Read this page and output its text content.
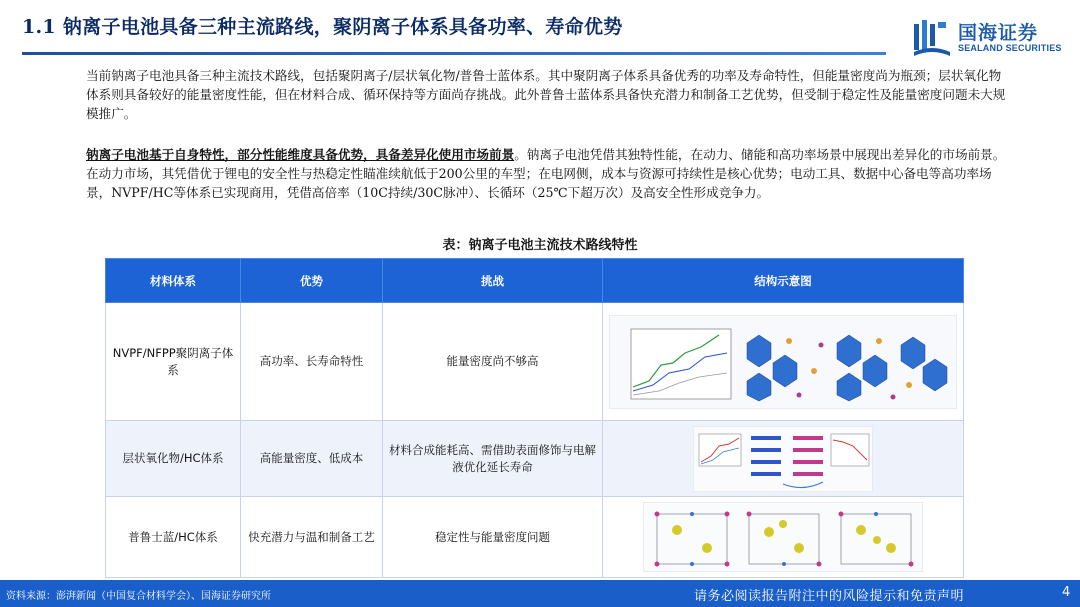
1.1 钠离子电池具备三种主流路线，聚阴离子体系具备功率、寿命优势	国海证券
SEALAND SECURITIES
当前钠离子电池具备三种主流技术路线，包括聚阴离子/层状氧化物/普鲁士蓝体系。其中聚阴离子体系具备优秀的功率及寿命特性，但能量密度尚为瓶颈；层状氧化物体系则具备较好的能量密度性能，但在材料合成、循环保持等方面尚存挑战。此外普鲁士蓝体系具备快充潜力和制备工艺优势，但受制于稳定性及能量密度问题未大规模推广。
钠离子电池基于自身特性，部分性能维度具备优势，具备差异化使用市场前景。钠离子电池凭借其独特性能，在动力、储能和高功率场景中展现出差异化的市场前景。在动力市场，其凭借优于锂电的安全性与热稳定性瞄准续航低于200公里的车型；在电网侧，成本与资源可持续性是核心优势；电动工具、数据中心备电等高功率场景，NVPF/HC等体系已实现商用，凭借高倍率（10C持续/30C脉冲）、长循环（25℃下超万次）及高安全性形成竞争力。
表：钠离子电池主流技术路线特性
材料体系	优势	挑战	结构示意图
NVPF/NFPP聚阴离子体系	高功率、长寿命特性	能量密度尚不够高	

层状氧化物/HC体系	高能量密度、低成本	材料合成能耗高、需借助表面修饰与电解液优化延长寿命	

普鲁士蓝/HC体系	快充潜力与温和制备工艺	稳定性与能量密度问题	
资料来源：澎湃新闻（中国复合材料学会）、国海证券研究所	请务必阅读报告附注中的风险提示和免责声明	4
